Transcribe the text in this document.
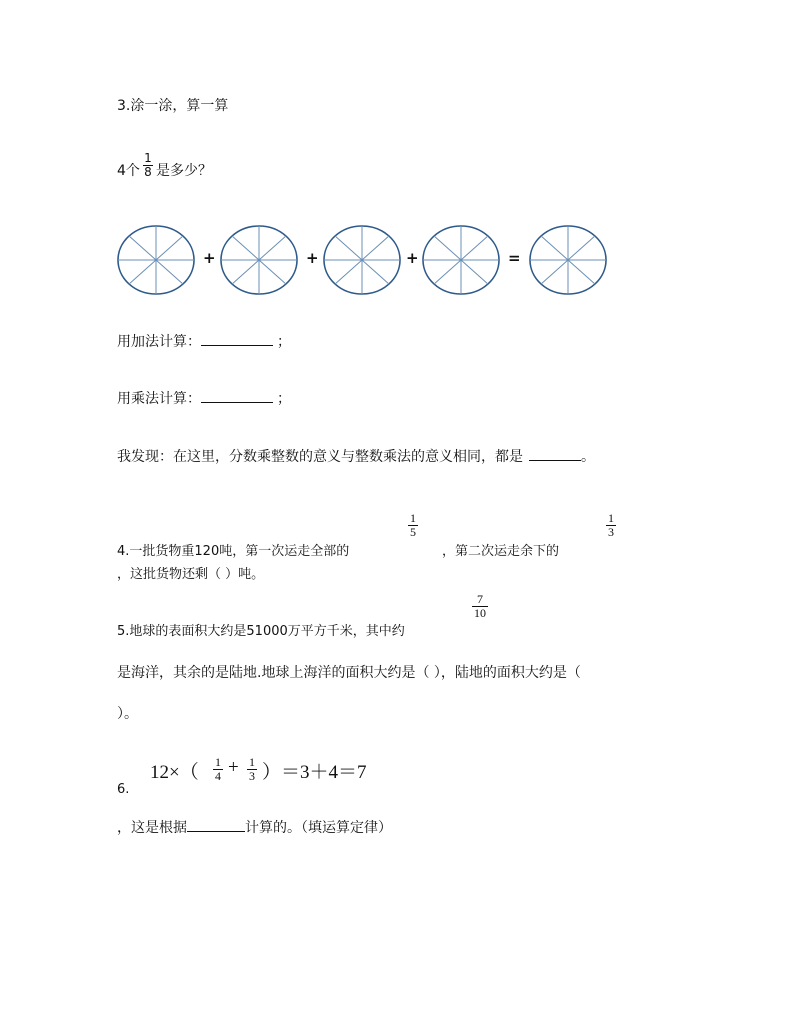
3.涂一涂，算一算
4个
1
8 是多少？
+	+	+	=
用加法计算：	；
用乘法计算：	；
我发现：在这里，分数乘整数的意义与整数乘法的意义相同，都是	。
4.一批货物重120吨，第一次运走全部的
1
5
，第二次运走余下的
1
3
，这批货物还剩（ ）吨。
5.地球的表面积大约是51000万平方千米，其中约
7
10
是海洋，其余的是陆地.地球上海洋的面积大约是（ ），陆地的面积大约是（
）。
12×（ 1
4 + 1
3 ）＝3＋4＝7
6.
，这是根据	计算的。（填运算定律）
